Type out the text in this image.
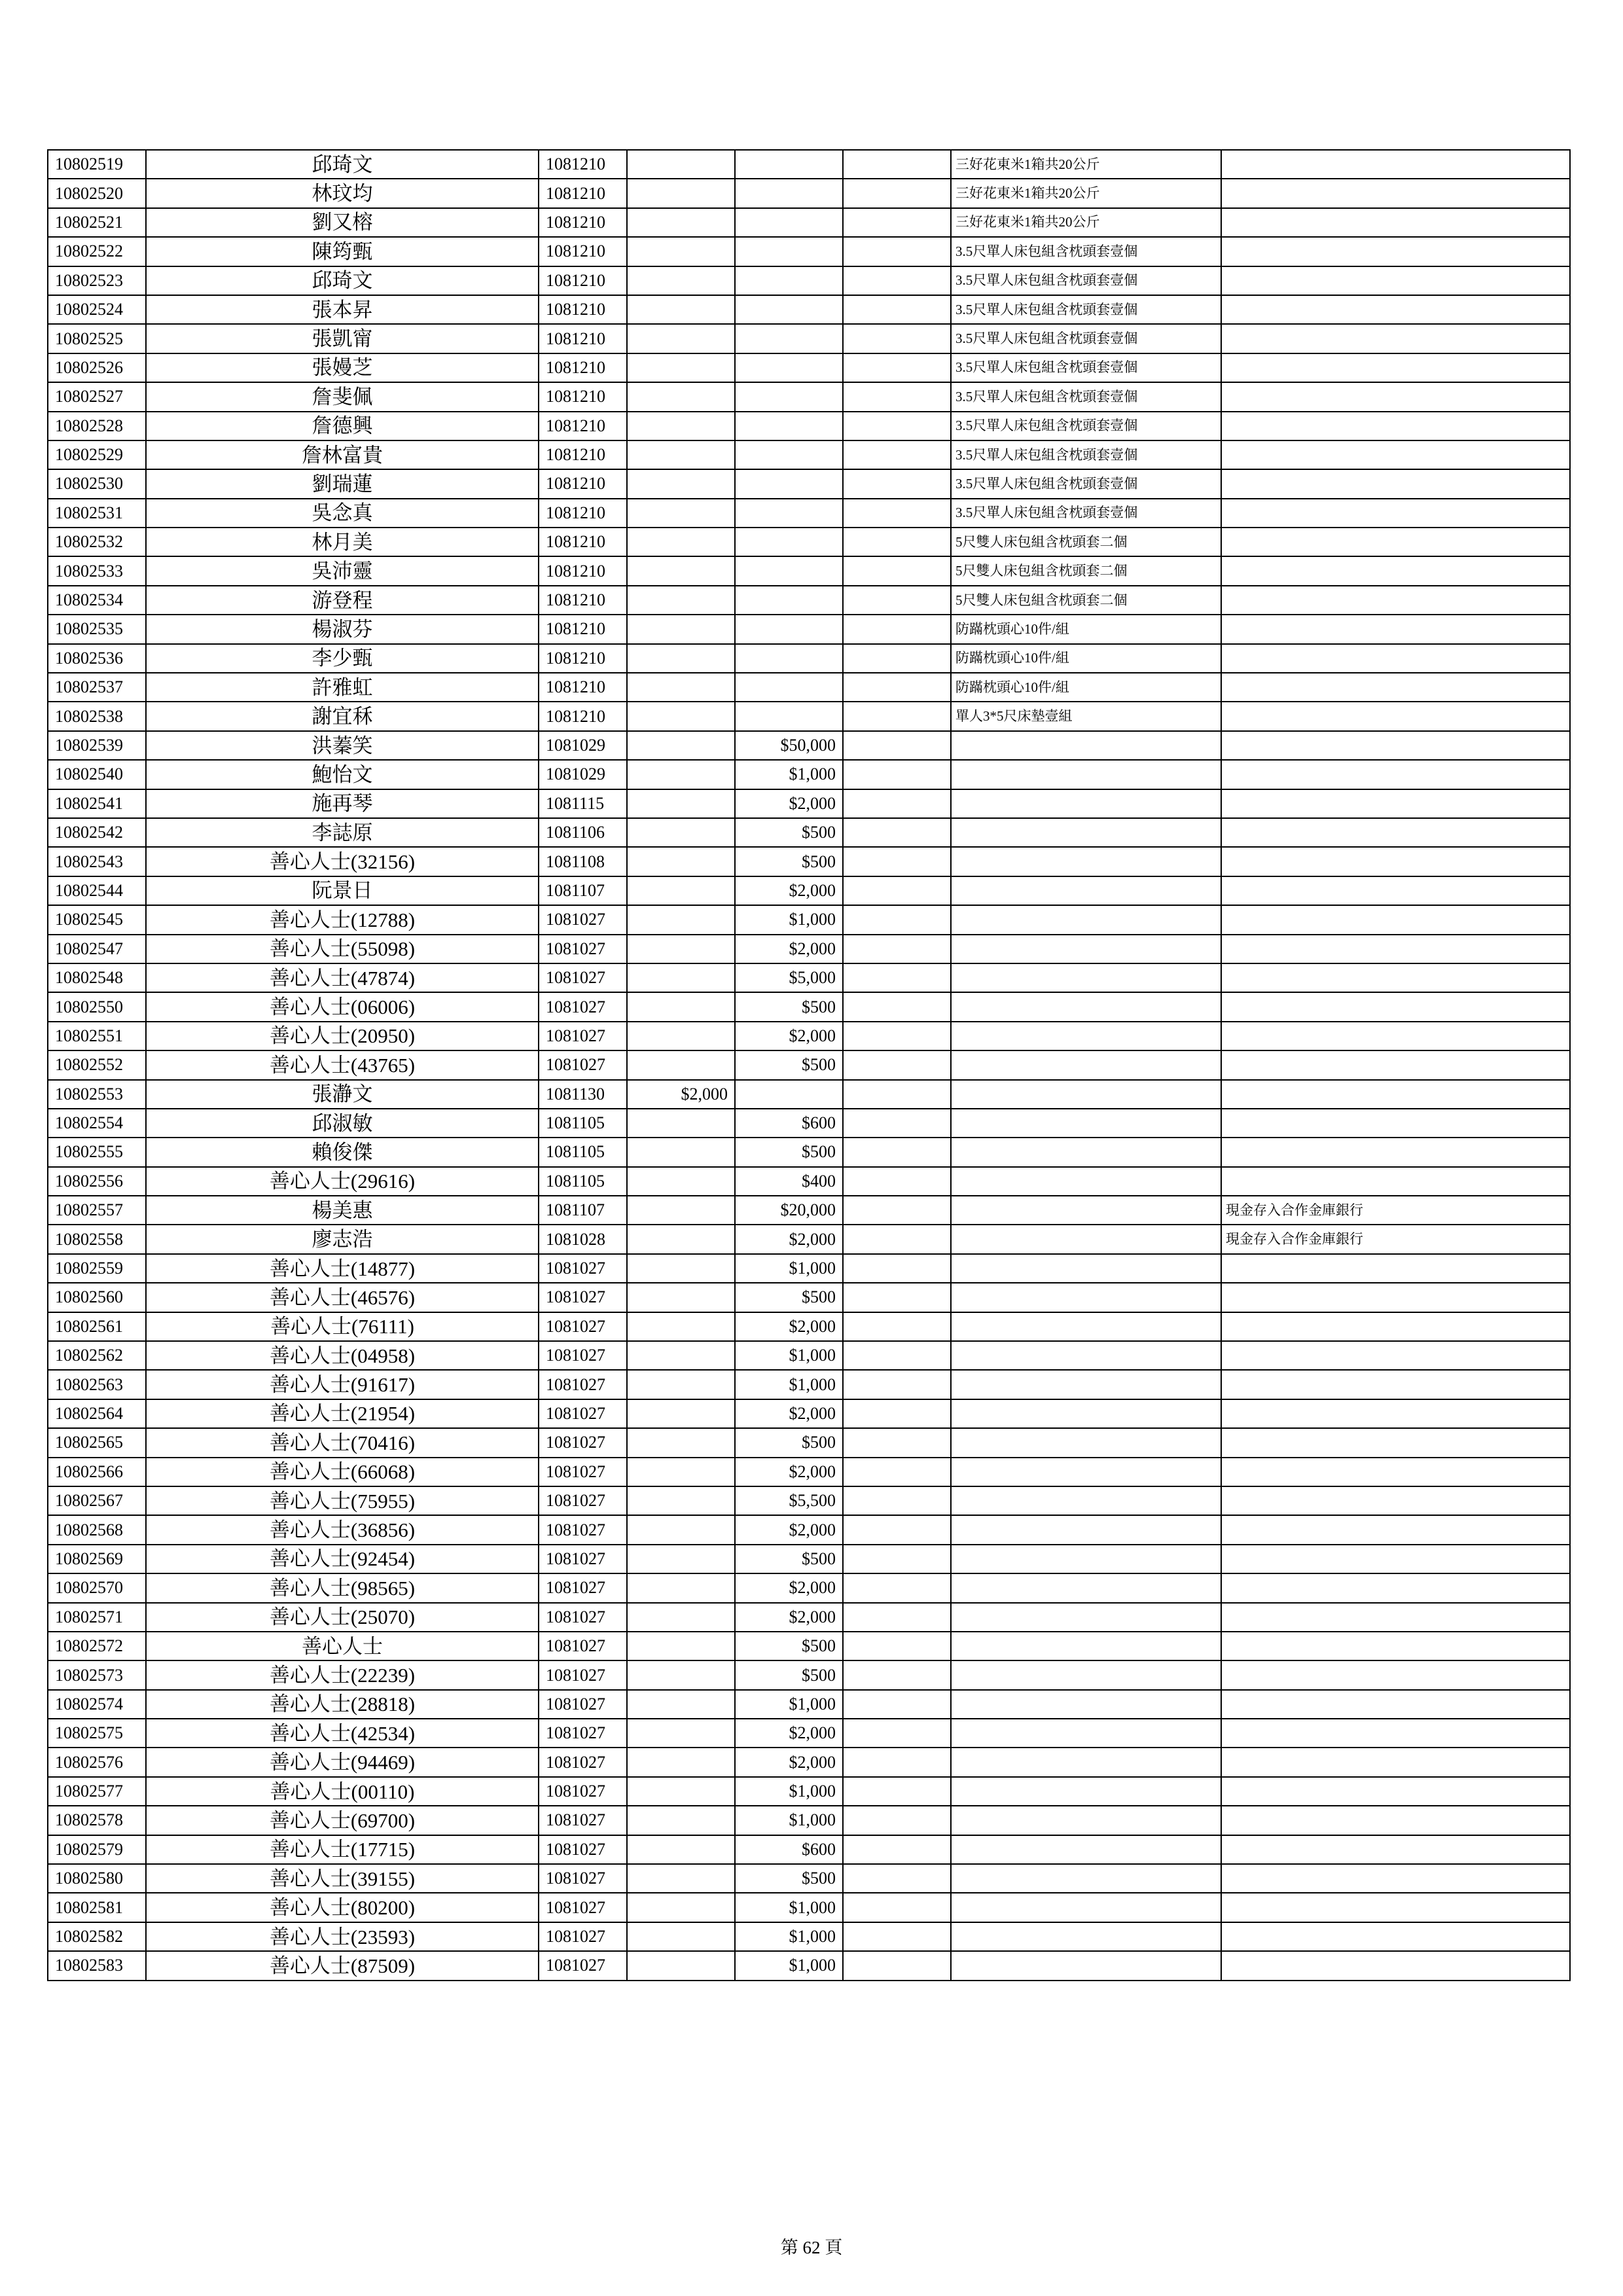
10802519	邱琦文	1081210				三好花東米1箱共20公斤	
10802520	林玟均	1081210				三好花東米1箱共20公斤	
10802521	劉又榕	1081210				三好花東米1箱共20公斤	
10802522	陳筠甄	1081210				3.5尺單人床包組含枕頭套壹個	
10802523	邱琦文	1081210				3.5尺單人床包組含枕頭套壹個	
10802524	張本昇	1081210				3.5尺單人床包組含枕頭套壹個	
10802525	張凱甯	1081210				3.5尺單人床包組含枕頭套壹個	
10802526	張嫚芝	1081210				3.5尺單人床包組含枕頭套壹個	
10802527	詹斐佩	1081210				3.5尺單人床包組含枕頭套壹個	
10802528	詹德興	1081210				3.5尺單人床包組含枕頭套壹個	
10802529	詹林富貴	1081210				3.5尺單人床包組含枕頭套壹個	
10802530	劉瑞蓮	1081210				3.5尺單人床包組含枕頭套壹個	
10802531	吳念真	1081210				3.5尺單人床包組含枕頭套壹個	
10802532	林月美	1081210				5尺雙人床包組含枕頭套二個	
10802533	吳沛靈	1081210				5尺雙人床包組含枕頭套二個	
10802534	游登程	1081210				5尺雙人床包組含枕頭套二個	
10802535	楊淑芬	1081210				防蹣枕頭心10件/組	
10802536	李少甄	1081210				防蹣枕頭心10件/組	
10802537	許雅虹	1081210				防蹣枕頭心10件/組	
10802538	謝宜秝	1081210				單人3*5尺床墊壹組	
10802539	洪蓁笑	1081029		$50,000			
10802540	鮑怡文	1081029		$1,000			
10802541	施再琴	1081115		$2,000			
10802542	李誌原	1081106		$500			
10802543	善心人士(32156)	1081108		$500			
10802544	阮景日	1081107		$2,000			
10802545	善心人士(12788)	1081027		$1,000			
10802547	善心人士(55098)	1081027		$2,000			
10802548	善心人士(47874)	1081027		$5,000			
10802550	善心人士(06006)	1081027		$500			
10802551	善心人士(20950)	1081027		$2,000			
10802552	善心人士(43765)	1081027		$500			
10802553	張瀞文	1081130	$2,000				
10802554	邱淑敏	1081105		$600			
10802555	賴俊傑	1081105		$500			
10802556	善心人士(29616)	1081105		$400			
10802557	楊美惠	1081107		$20,000			現金存入合作金庫銀行
10802558	廖志浩	1081028		$2,000			現金存入合作金庫銀行
10802559	善心人士(14877)	1081027		$1,000			
10802560	善心人士(46576)	1081027		$500			
10802561	善心人士(76111)	1081027		$2,000			
10802562	善心人士(04958)	1081027		$1,000			
10802563	善心人士(91617)	1081027		$1,000			
10802564	善心人士(21954)	1081027		$2,000			
10802565	善心人士(70416)	1081027		$500			
10802566	善心人士(66068)	1081027		$2,000			
10802567	善心人士(75955)	1081027		$5,500			
10802568	善心人士(36856)	1081027		$2,000			
10802569	善心人士(92454)	1081027		$500			
10802570	善心人士(98565)	1081027		$2,000			
10802571	善心人士(25070)	1081027		$2,000			
10802572	善心人士	1081027		$500			
10802573	善心人士(22239)	1081027		$500			
10802574	善心人士(28818)	1081027		$1,000			
10802575	善心人士(42534)	1081027		$2,000			
10802576	善心人士(94469)	1081027		$2,000			
10802577	善心人士(00110)	1081027		$1,000			
10802578	善心人士(69700)	1081027		$1,000			
10802579	善心人士(17715)	1081027		$600			
10802580	善心人士(39155)	1081027		$500			
10802581	善心人士(80200)	1081027		$1,000			
10802582	善心人士(23593)	1081027		$1,000			
10802583	善心人士(87509)	1081027		$1,000			
第 62 頁
